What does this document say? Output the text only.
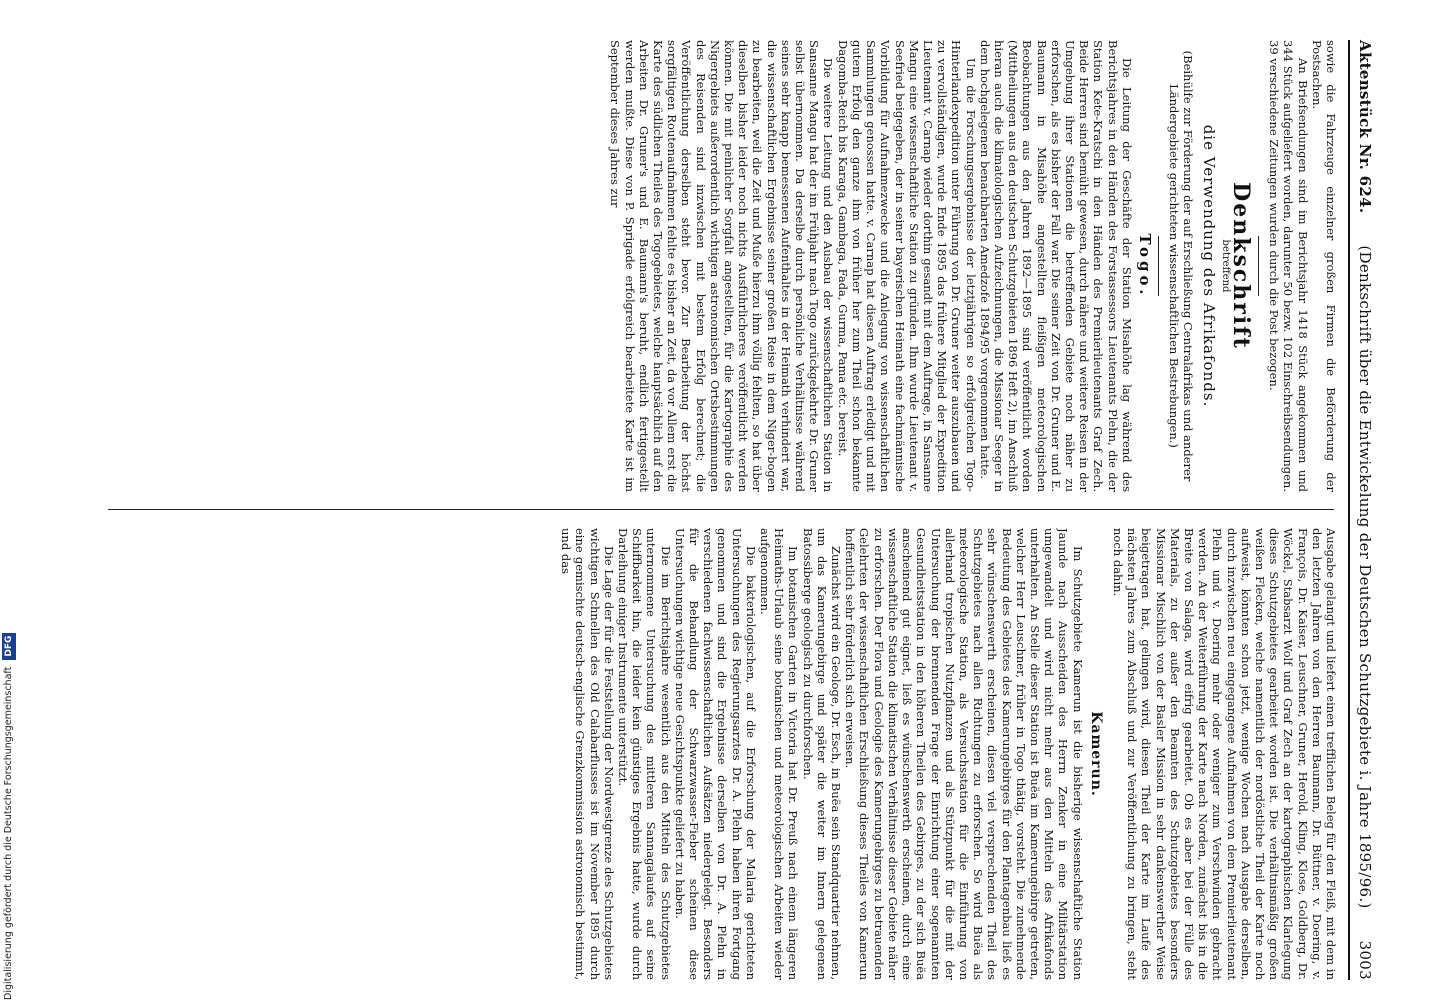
Aktenstück Nr. 624.
(Denkschrift über die Entwickelung der Deutschen Schutzgebiete i. Jahre 1895/96.)
3003

sowie die Fahrzeuge einzelner großen Firmen die Beförderung der Postsachen.

An Briefsendungen sind im Berichtsjahr 1418 Stück angekommen und 344 Stück aufgeliefert worden, darunter 50 bezw. 102 Einschreibsendungen. 39 verschiedene Zeitungen wurden durch die Post bezogen.

Denkschrift
betreffend
die Verwendung des Afrikafonds.

(Beihülfe zur Förderung der auf Erschließung Centralafrikas und anderer Ländergebiete gerichteten wissenschaftlichen Bestrebungen.)

Togo.

Die Leitung der Geschäfte der Station Misahöhe lag während des Berichtsjahres in den Händen des Forstassessors Lieutenants Plehn, die der Station Kete-Kratschi in den Händen des Premierlieutenants Graf Zech. Beide Herren sind bemüht gewesen, durch nähere und weitere Reisen in der Umgebung ihrer Stationen die betreffenden Gebiete noch näher zu erforschen, als es bisher der Fall war. Die seiner Zeit von Dr. Gruner und E. Baumann in Misahöhe angestellten fleißigen meteorologischen Beobachtungen aus den Jahren 1892—1895 sind veröffentlicht worden (Mittheilungen aus den deutschen Schutzgebieten 1896 Heft 2), im Anschluß hieran auch die klimatologischen Aufzeichnungen, die Missionar Seeger in dem hochgelegenen benachbarten Amedzofe 1894/95 vorgenommen hatte.

Um die Forschungsergebnisse der letztjährigen so erfolgreichen Togo-Hinterlandexpedition unter Führung von Dr. Gruner weiter auszubauen und zu vervollständigen, wurde Ende 1895 das frühere Mitglied der Expedition Lieutenant v. Carnap wieder dorthin gesandt mit dem Auftrage, in Sansanne Mangu eine wissenschaftliche Station zu gründen. Ihm wurde Lieutenant v. Seefried beigegeben, der in seiner bayerischen Heimath eine fachmännische Vorbildung für Aufnahmezwecke und die Anlegung von wissenschaftlichen Sammlungen genossen hatte. v. Carnap hat diesen Auftrag erledigt und mit gutem Erfolg den ganze ihm von früher her zum Theil schon bekannte Dagomba-Reich bis Karaga, Gambaga, Fada, Gurma, Pama etc. bereist.

Die weitere Leitung und den Ausbau der wissenschaftlichen Station in Sansanne Mangu hat der im Frühjahr nach Togo zurückgekehrte Dr. Gruner selbst übernommen. Da derselbe durch persönliche Verhältnisse während seines sehr knapp bemessenen Aufenthaltes in der Heimath verhindert war, die wissenschaftlichen Ergebnisse seiner großen Reise in dem Niger-bogen zu bearbeiten, weil die Zeit und Muße hierzu ihm völlig fehlten, so hat über dieselben bisher leider noch nichts Ausführlicheres veröffentlicht werden können. Die mit peinlicher Sorgfalt angestellten, für die Kartographie des Nigergebiets außerordentlich wichtigen astronomischen Ortsbestimmungen des Reisenden sind inzwischen mit bestem Erfolg berechnet; die Veröffentlichung derselben steht bevor. Zur Bearbeitung der höchst sorgfältigen Routenaufnahmen fehlte es bisher an Zeit, da vor Allem erst die Karte des südlichen Theiles des Togogebietes, welche hauptsächlich auf den Arbeiten Dr. Gruner's und E. Baumann's beruht, endlich fertiggestellt werden mußte. Diese von P. Sprigade erfolgreich bearbeitete Karte ist im September dieses Jahres zur

Ausgabe gelangt und liefert einen trefflichen Beleg für den Fleiß, mit dem in den letzten Jahren von den Herren Baumann, Dr. Büttner, v. Doering, v. François, Dr. Kaiser, Leuschner, Gruner, Herold, Kling, Klose, Goldberg, Dr. Wöckel, Stabsarzt Wolf und Graf Zech an der kartographischen Klarlegung dieses Schutzgebietes gearbeitet worden ist. Die verhältnismäßig großen weißen Flecken, welche namentlich der nordöstliche Theil der Karte noch aufweist, könnten schon jetzt, wenige Wochen nach Ausgabe derselben, durch inzwischen neu eingegangene Aufnahmen von dem Premierlieutenant Plehn und v. Doering mehr oder weniger zum Verschwinden gebracht werden. An der Weiterführung der Karte nach Norden, zunächst bis in die Breite von Salaga, wird eifrig gearbeitet. Ob es aber bei der Fülle des Materials, zu der außer den Beamten des Schutzgebietes besonders Missionar Mischlich von der Basler Mission in sehr dankenswerther Weise beigetragen hat, gelingen wird, diesen Theil der Karte im Laufe des nächsten Jahres zum Abschluß und zur Veröffentlichung zu bringen, steht noch dahin.

Kamerun.

Im Schutzgebiete Kamerun ist die bisherige wissenschaftliche Station Jaunde nach Ausscheiden des Herrn Zenker in eine Militärstation umgewandelt und wird nicht mehr aus den Mitteln des Afrikafonds unterhalten. An Stelle dieser Station ist Buëa im Kamerungebirge getreten, welcher Herr Leuschner, früher in Togo thätig, vorsteht. Die zunehmende Bedeutung des Gebietes des Kamerungebirges für den Plantagenbau ließ es sehr wünschenswerth erscheinen, diesen viel versprechenden Theil des Schutzgebietes nach allen Richtungen zu erforschen. So wird Buëa als meteorologische Station, als Versuchsstation für die Einführung von allerhand tropischen Nutzpflanzen und als Stützpunkt für die mit der Untersuchung der brennenden Frage der Einrichtung einer sogenannten Gesundheitsstation in den höheren Theilen des Gebirges, zu der sich Buëa anscheinend gut eignet, ließ es wünschenswerth erscheinen, durch eine wissenschaftliche Station die klimatischen Verhältnisse dieser Gebiete näher zu erforschen. Der Flora und Geologie des Kamerungebirges zu betrauenden Gelehrten der wissenschaftlichen Erschließung dieses Theiles von Kamerun hoffentlich sehr förderlich sich erweisen.

Zunächst wird ein Geologe, Dr. Esch, in Buëa sein Standquartier nehmen, um das Kamerungebirge und später die weiter im Innern gelegenen Batossiberge geologisch zu durchforschen.

Im botanischen Garten in Victoria hat Dr. Preuß nach einem längeren Heimaths-Urlaub seine botanischen und meteorologischen Arbeiten wieder aufgenommen.

Die bakteriologischen, auf die Erforschung der Malaria gerichteten Untersuchungen des Regierungsarztes Dr. A. Plehn haben ihren Fortgang genommen und sind die Ergebnisse derselben von Dr. A. Plehn in verschiedenen fachwissenschaftlichen Aufsätzen niedergelegt. Besonders für die Behandlung der Schwarzwasser-Fieber scheinen diese Untersuchungen wichtige neue Gesichtspunkte geliefert zu haben.

Die im Berichtsjahre wesentlich aus den Mitteln des Schutzgebietes unternommene Untersuchung des mittleren Sannagalaufes auf seine Schiffbarkeit hin, die leider kein günstiges Ergebnis hatte, wurde durch Darleihung einiger Instrumente unterstützt.

Die Lage der für die Feststellung der Nordwestgrenze des Schutzgebietes wichtigen Schnellen des Old Calabarflusses ist im November 1895 durch eine gemischte deutsch-englische Grenzkommission astronomisch bestimmt, und das

Digitalisierung gefördert durch die Deutsche Forschungsgemeinschaft DFG
